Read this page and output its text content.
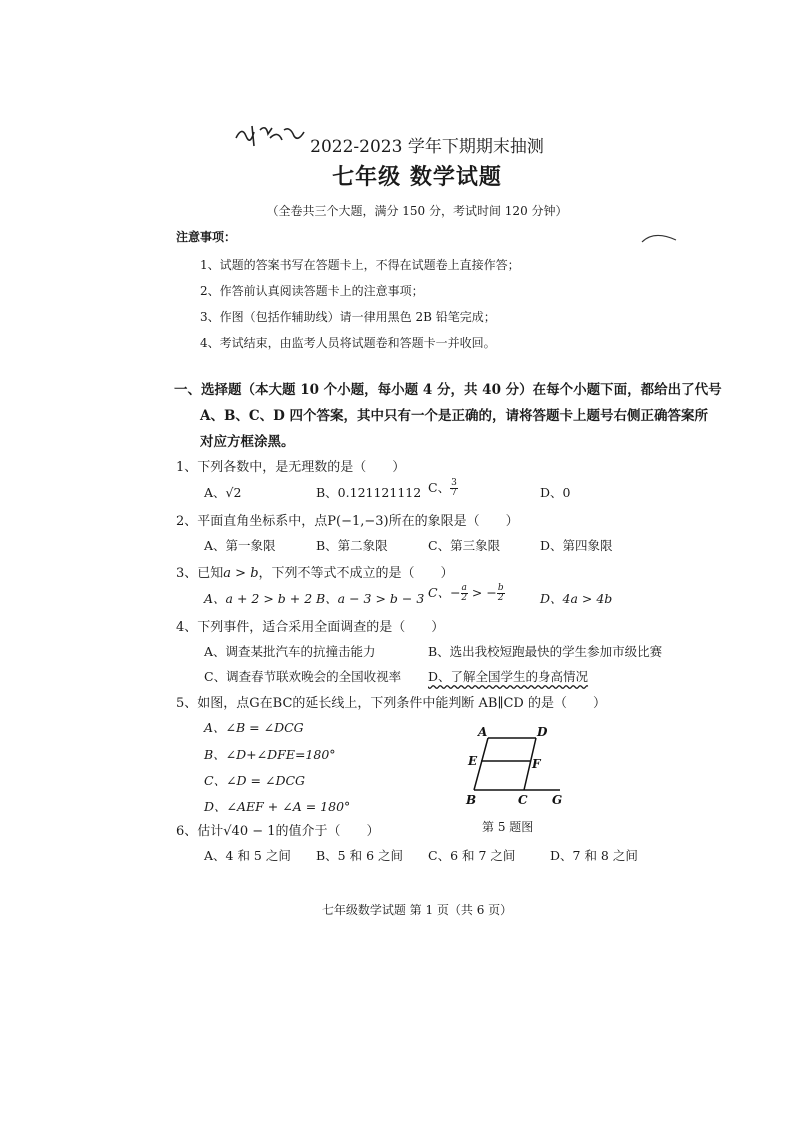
2022-2023 学年下期期末抽测
七年级 数学试题
（全卷共三个大题，满分 150 分，考试时间 120 分钟）
注意事项：
1、试题的答案书写在答题卡上，不得在试题卷上直接作答；
2、作答前认真阅读答题卡上的注意事项；
3、作图（包括作辅助线）请一律用黑色 2B 铅笔完成；
4、考试结束，由监考人员将试题卷和答题卡一并收回。
一、选择题（本大题 10 个小题，每小题 4 分，共 40 分）在每个小题下面，都给出了代号
A、B、C、D 四个答案，其中只有一个是正确的，请将答题卡上题号右侧正确答案所
对应方框涂黑。
1、下列各数中，是无理数的是（　　）
A、√2	B、0.121121112 C、 $\frac{3}{7}$	D、0
2、平面直角坐标系中，点P(−1,−3)所在的象限是（　　）
A、第一象限	B、第二象限	C、第三象限	D、第四象限
3、已知a > b，下列不等式不成立的是（　　）
A、a + 2 > b + 2 B、a − 3 > b − 3 C、− $\frac{a}{2}$ > − $\frac{b}{2}$	D、4a > 4b
4、下列事件，适合采用全面调查的是（　　）
A、调查某批汽车的抗撞击能力	B、选出我校短跑最快的学生参加市级比赛
C、调查春节联欢晚会的全国收视率 D、了解全国学生的身高情况
5、如图，点G在BC的延长线上，下列条件中能判断 AB∥CD 的是（　　）
A、∠B = ∠DCG
B、∠D+∠DFE=180°
C、∠D = ∠DCG
D、∠AEF + ∠A = 180°
A	D
E	F
B	C G
第 5 题图
6、估计√40 − 1的值介于（　　）
A、4 和 5 之间 B、5 和 6 之间 C、6 和 7 之间	D、7 和 8 之间
七年级数学试题 第 1 页（共 6 页）
